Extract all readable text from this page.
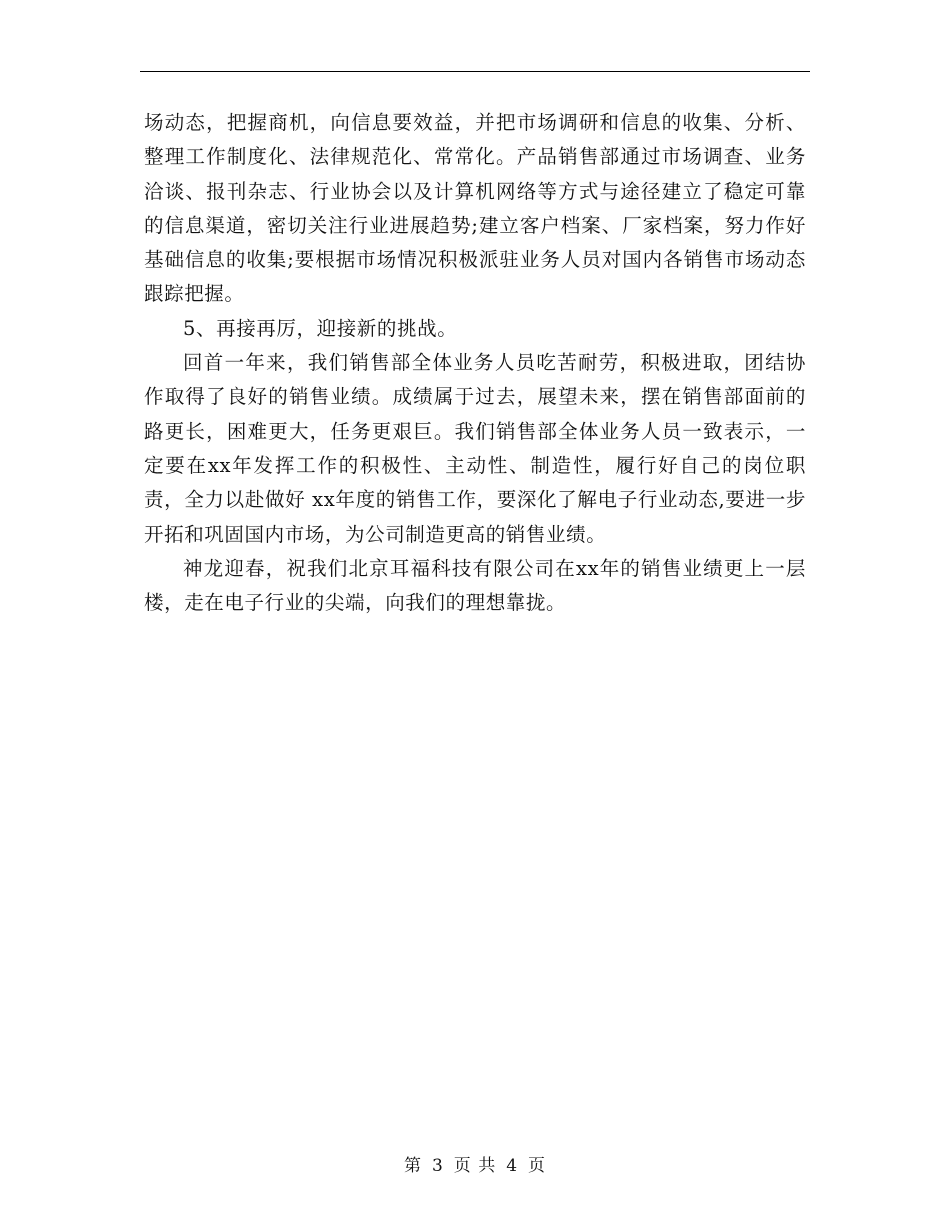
场动态，把握商机，向信息要效益，并把市场调研和信息的收集、分析、整理工作制度化、法律规范化、常常化。产品销售部通过市场调查、业务洽谈、报刊杂志、行业协会以及计算机网络等方式与途径建立了稳定可靠的信息渠道，密切关注行业进展趋势;建立客户档案、厂家档案，努力作好基础信息的收集;要根据市场情况积极派驻业务人员对国内各销售市场动态跟踪把握。

5、再接再厉，迎接新的挑战。

回首一年来，我们销售部全体业务人员吃苦耐劳，积极进取，团结协作取得了良好的销售业绩。成绩属于过去，展望未来，摆在销售部面前的路更长，困难更大，任务更艰巨。我们销售部全体业务人员一致表示，一定要在xx年发挥工作的积极性、主动性、制造性，履行好自己的岗位职责，全力以赴做好 xx年度的销售工作，要深化了解电子行业动态,要进一步开拓和巩固国内市场，为公司制造更高的销售业绩。

神龙迎春，祝我们北京耳福科技有限公司在xx年的销售业绩更上一层楼，走在电子行业的尖端，向我们的理想靠拢。

第 3 页 共 4 页
